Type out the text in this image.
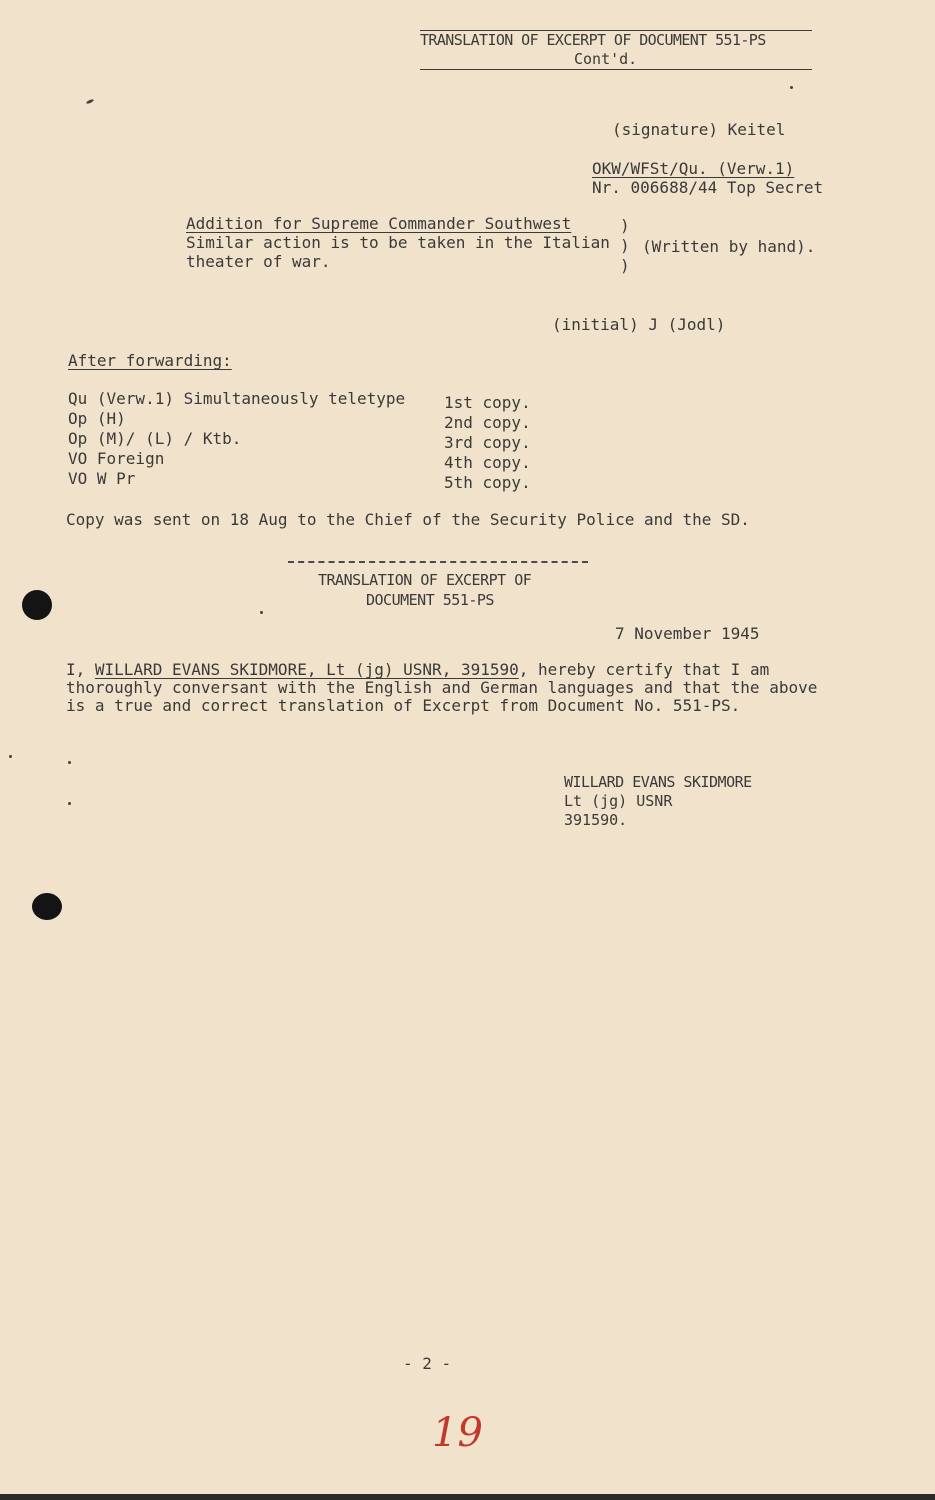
TRANSLATION OF EXCERPT OF DOCUMENT 551-PS
Cont'd.
(signature) Keitel
OKW/WFSt/Qu. (Verw.1)
Nr. 006688/44 Top Secret
Addition for Supreme Commander Southwest
Similar action is to be taken in the Italian
theater of war.
)
)
)
(Written by hand).
(initial) J (Jodl)
After forwarding:
Qu (Verw.1) Simultaneously teletype
Op (H)
Op (M)/ (L) / Ktb.
VO Foreign
VO W Pr
1st copy.
2nd copy.
3rd copy.
4th copy.
5th copy.
Copy was sent on 18 Aug to the Chief of the Security Police and the SD.
TRANSLATION OF EXCERPT OF
DOCUMENT 551-PS
7 November 1945
I, WILLARD EVANS SKIDMORE, Lt (jg) USNR, 391590, hereby certify that I am
thoroughly conversant with the English and German languages and that the above
is a true and correct translation of Excerpt from Document No. 551-PS.
WILLARD EVANS SKIDMORE
Lt (jg) USNR
391590.
- 2 -
19
